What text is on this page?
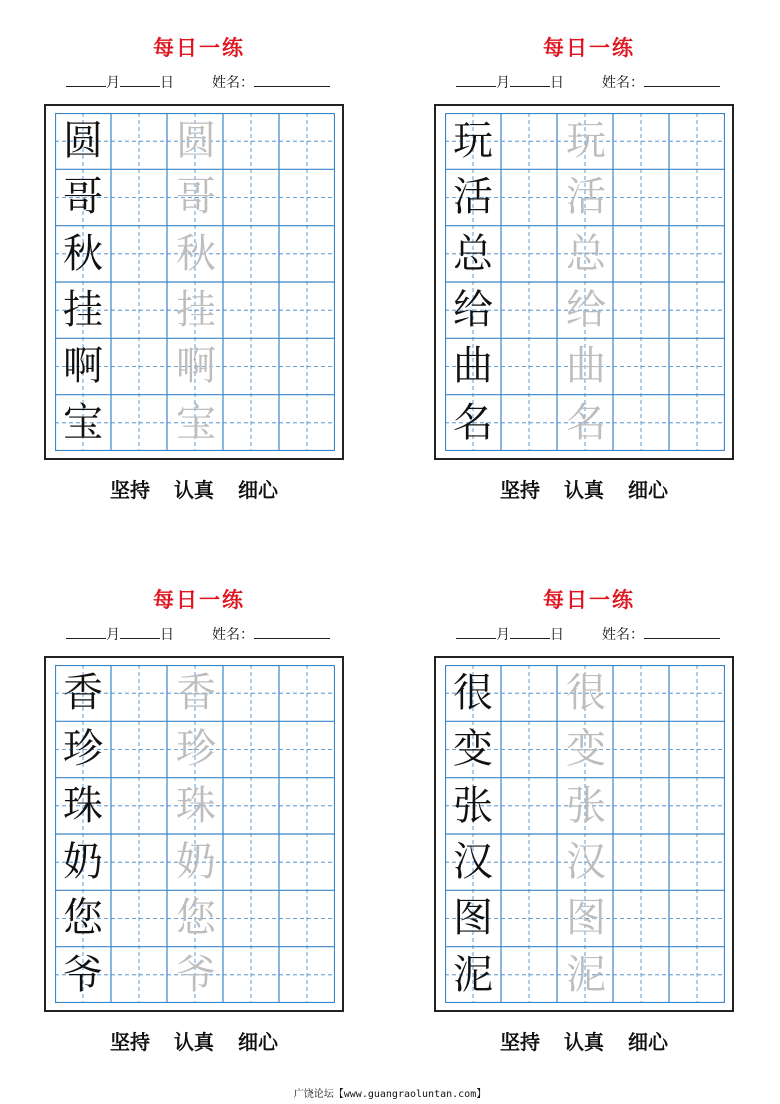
每日一练
月	日	姓名：
圆 圆
哥 哥
秋 秋
挂 挂
啊 啊
宝 宝
坚持 认真 细心
每日一练
月	日	姓名：
玩 玩
活 活
总 总
给 给
曲 曲
名 名
坚持 认真 细心
每日一练
月	日	姓名：
香 香
珍 珍
珠 珠
奶 奶
您 您
爷 爷
坚持 认真 细心
每日一练
月	日	姓名：
很 很
变 变
张 张
汉 汉
图 图
泥 泥
坚持 认真 细心
广饶论坛【www.guangraoluntan.com】
